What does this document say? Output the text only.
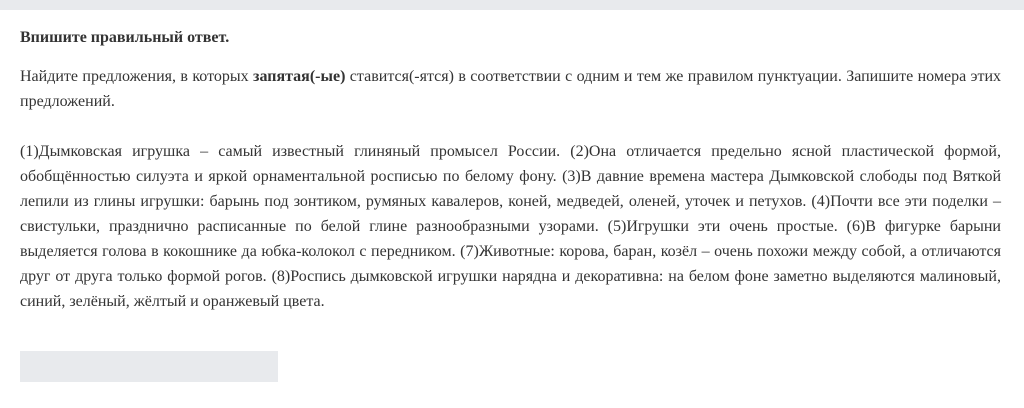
Впишите правильный ответ.

Найдите предложения, в которых запятая(-ые) ставится(-ятся) в соответствии с одним и тем же правилом пунктуации. Запишите номера этих предложений.

(1)Дымковская игрушка – самый известный глиняный промысел России. (2)Она отличается предельно ясной пластической формой, обобщённостью силуэта и яркой орнаментальной росписью по белому фону. (3)В давние времена мастера Дымковской слободы под Вяткой лепили из глины игрушки: барынь под зонтиком, румяных кавалеров, коней, медведей, оленей, уточек и петухов. (4)Почти все эти поделки – свистульки, празднично расписанные по белой глине разнообразными узорами. (5)Игрушки эти очень простые. (6)В фигурке барыни выделяется голова в кокошнике да юбка-колокол с передником. (7)Животные: корова, баран, козёл – очень похожи между собой, а отличаются друг от друга только формой рогов. (8)Роспись дымковской игрушки нарядна и декоративна: на белом фоне заметно выделяются малиновый, синий, зелёный, жёлтый и оранжевый цвета.
